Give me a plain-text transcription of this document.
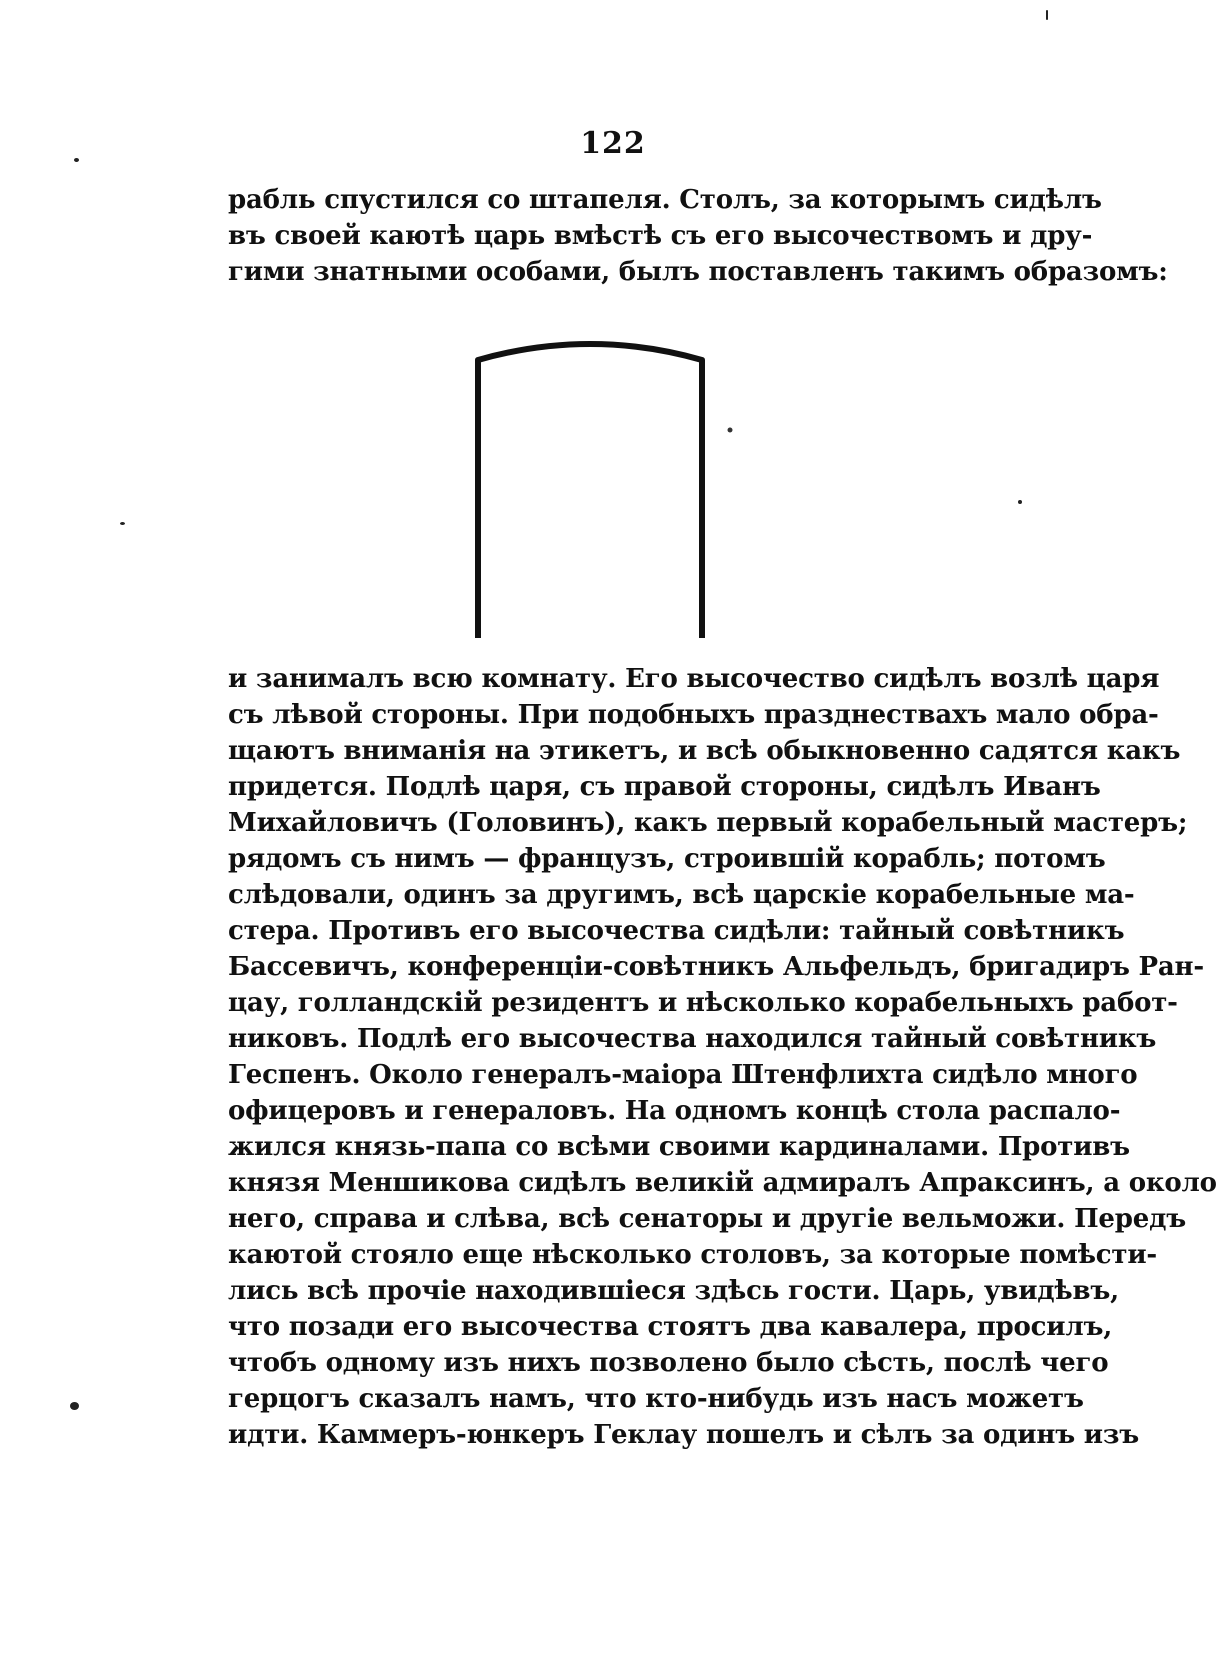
122
рабль спустился со штапеля. Столъ, за которымъ сидѣлъ
въ своей каютѣ царь вмѣстѣ съ его высочествомъ и дру-
гими знатными особами, былъ поставленъ такимъ образомъ:
и занималъ всю комнату. Его высочество сидѣлъ возлѣ царя
съ лѣвой стороны. При подобныхъ празднествахъ мало обра-
щаютъ вниманія на этикетъ, и всѣ обыкновенно садятся какъ
придется. Подлѣ царя, съ правой стороны, сидѣлъ Иванъ
Михайловичъ (Головинъ), какъ первый корабельный мастеръ;
рядомъ съ нимъ — французъ, строившій корабль; потомъ
слѣдовали, одинъ за другимъ, всѣ царскіе корабельные ма-
стера. Противъ его высочества сидѣли: тайный совѣтникъ
Бассевичъ, конференціи-совѣтникъ Альфельдъ, бригадиръ Ран-
цау, голландскій резидентъ и нѣсколько корабельныхъ работ-
никовъ. Подлѣ его высочества находился тайный совѣтникъ
Геспенъ. Около генералъ-маіора Штенфлихта сидѣло много
офицеровъ и генераловъ. На одномъ концѣ стола распало-
жился князь-папа со всѣми своими кардиналами. Противъ
князя Меншикова сидѣлъ великій адмиралъ Апраксинъ, а около
него, справа и слѣва, всѣ сенаторы и другіе вельможи. Передъ
каютой стояло еще нѣсколько столовъ, за которые помѣсти-
лись всѣ прочіе находившіеся здѣсь гости. Царь, увидѣвъ,
что позади его высочества стоятъ два кавалера, просилъ,
чтобъ одному изъ нихъ позволено было сѣсть, послѣ чего
герцогъ сказалъ намъ, что кто-нибудь изъ насъ можетъ
идти. Каммеръ-юнкеръ Геклау пошелъ и сѣлъ за одинъ изъ
